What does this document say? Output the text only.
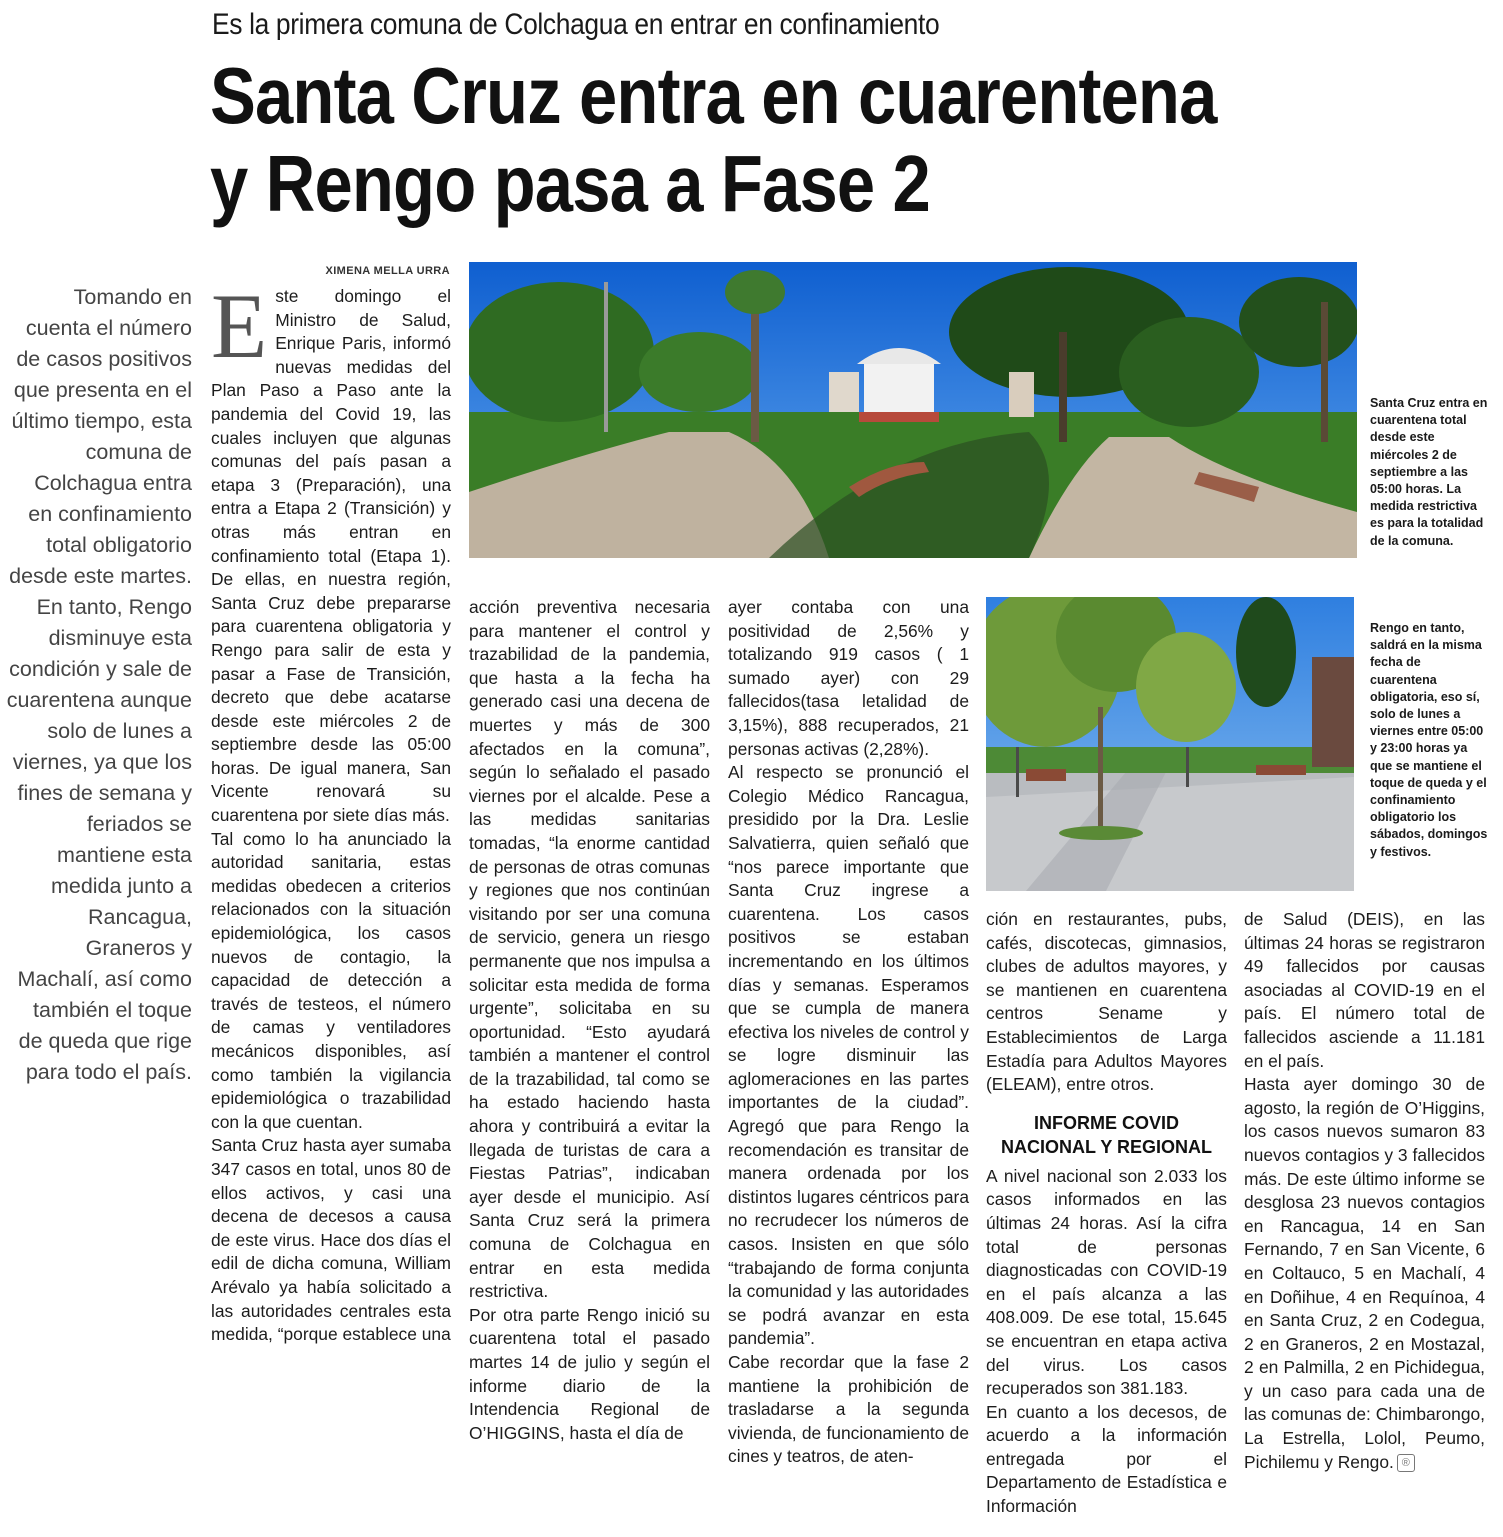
Es la primera comuna de Colchagua en entrar en confinamiento
Santa Cruz entra en cuarentena
y Rengo pasa a Fase 2
Tomando en cuenta el número de casos positivos que presenta en el último tiempo, esta comuna de Colchagua entra en confinamiento total obligatorio desde este martes. En tanto, Rengo disminuye esta condición y sale de cuarentena aunque solo de lunes a viernes, ya que los fines de semana y feriados se mantiene esta medida junto a Rancagua, Graneros y Machalí, así como también el toque de queda que rige para todo el país.
XIMENA MELLA URRA
E ste domingo el Ministro de Salud, Enrique Paris, informó nuevas medidas del Plan Paso a Paso ante la pandemia del Covid 19, las cuales incluyen que algunas comunas del país pasan a etapa 3 (Preparación), una entra a Etapa 2 (Transición) y otras más entran en confinamiento total (Etapa 1). De ellas, en nuestra región, Santa Cruz debe prepararse para cuarentena obligatoria y Rengo para salir de esta y pasar a Fase de Transición, decreto que debe acatarse desde este miércoles 2 de septiembre desde las 05:00 horas. De igual manera, San Vicente renovará su cuarentena por siete días más.

Tal como lo ha anunciado la autoridad sanitaria, estas medidas obedecen a criterios relacionados con la situación epidemiológica, los casos nuevos de contagio, la capacidad de detección a través de testeos, el número de camas y ventiladores mecánicos disponibles, así como también la vigilancia epidemiológica o trazabilidad con la que cuentan.

Santa Cruz hasta ayer sumaba 347 casos en total, unos 80 de ellos activos, y casi una decena de decesos a causa de este virus. Hace dos días el edil de dicha comuna, William Arévalo ya había solicitado a las autoridades centrales esta medida, “porque establece una

Santa Cruz entra en cuarentena total desde este miércoles 2 de septiembre a las 05:00 horas. La medida restrictiva es para la totalidad de la comuna.

acción preventiva necesaria para mantener el control y trazabilidad de la pandemia, que hasta a la fecha ha generado casi una decena de muertes y más de 300 afectados en la comuna”, según lo señalado el pasado viernes por el alcalde. Pese a las medidas sanitarias tomadas, “la enorme cantidad de personas de otras comunas y regiones que nos continúan visitando por ser una comuna de servicio, genera un riesgo permanente que nos impulsa a solicitar esta medida de forma urgente”, solicitaba en su oportunidad. “Esto ayudará también a mantener el control de la trazabilidad, tal como se ha estado haciendo hasta ahora y contribuirá a evitar la llegada de turistas de cara a Fiestas Patrias”, indicaban ayer desde el municipio. Así Santa Cruz será la primera comuna de Colchagua en entrar en esta medida restrictiva.

Por otra parte Rengo inició su cuarentena total el pasado martes 14 de julio y según el informe diario de la Intendencia Regional de O’HIGGINS, hasta el día de

ayer contaba con una positividad de 2,56% y totalizando 919 casos ( 1 sumado ayer) con 29 fallecidos(tasa letalidad de 3,15%), 888 recuperados, 21 personas activas (2,28%).

Al respecto se pronunció el Colegio Médico Rancagua, presidido por la Dra. Leslie Salvatierra, quien señaló que “nos parece importante que Santa Cruz ingrese a cuarentena. Los casos positivos se estaban incrementando en los últimos días y semanas. Esperamos que se cumpla de manera efectiva los niveles de control y se logre disminuir las aglomeraciones en las partes importantes de la ciudad”. Agregó que para Rengo la recomendación es transitar de manera ordenada por los distintos lugares céntricos para no recrudecer los números de casos. Insisten en que sólo “trabajando de forma conjunta la comunidad y las autoridades se podrá avanzar en esta pandemia”.

Cabe recordar que la fase 2 mantiene la prohibición de trasladarse a la segunda vivienda, de funcionamiento de cines y teatros, de aten-

Rengo en tanto, saldrá en la misma fecha de cuarentena obligatoria, eso sí, solo de lunes a viernes entre 05:00 y 23:00 horas ya que se mantiene el toque de queda y el confinamiento obligatorio los sábados, domingos y festivos.

ción en restaurantes, pubs, cafés, discotecas, gimnasios, clubes de adultos mayores, y se mantienen en cuarentena centros Sename y Establecimientos de Larga Estadía para Adultos Mayores (ELEAM), entre otros.

INFORME COVID NACIONAL Y REGIONAL

A nivel nacional son 2.033 los casos informados en las últimas 24 horas. Así la cifra total de personas diagnosticadas con COVID-19 en el país alcanza a las 408.009. De ese total, 15.645 se encuentran en etapa activa del virus. Los casos recuperados son 381.183.

En cuanto a los decesos, de acuerdo a la información entregada por el Departamento de Estadística e Información

de Salud (DEIS), en las últimas 24 horas se registraron 49 fallecidos por causas asociadas al COVID-19 en el país. El número total de fallecidos asciende a 11.181 en el país.

Hasta ayer domingo 30 de agosto, la región de O’Higgins, los casos nuevos sumaron 83 nuevos contagios y 3 fallecidos más. De este último informe se desglosa 23 nuevos contagios en Rancagua, 14 en San Fernando, 7 en San Vicente, 6 en Coltauco, 5 en Machalí, 4 en Doñihue, 4 en Requínoa, 4 en Santa Cruz, 2 en Codegua, 2 en Graneros, 2 en Mostazal, 2 en Palmilla, 2 en Pichidegua, y un caso para cada una de las comunas de: Chimbarongo, La Estrella, Lolol, Peumo, Pichilemu y Rengo. ®
